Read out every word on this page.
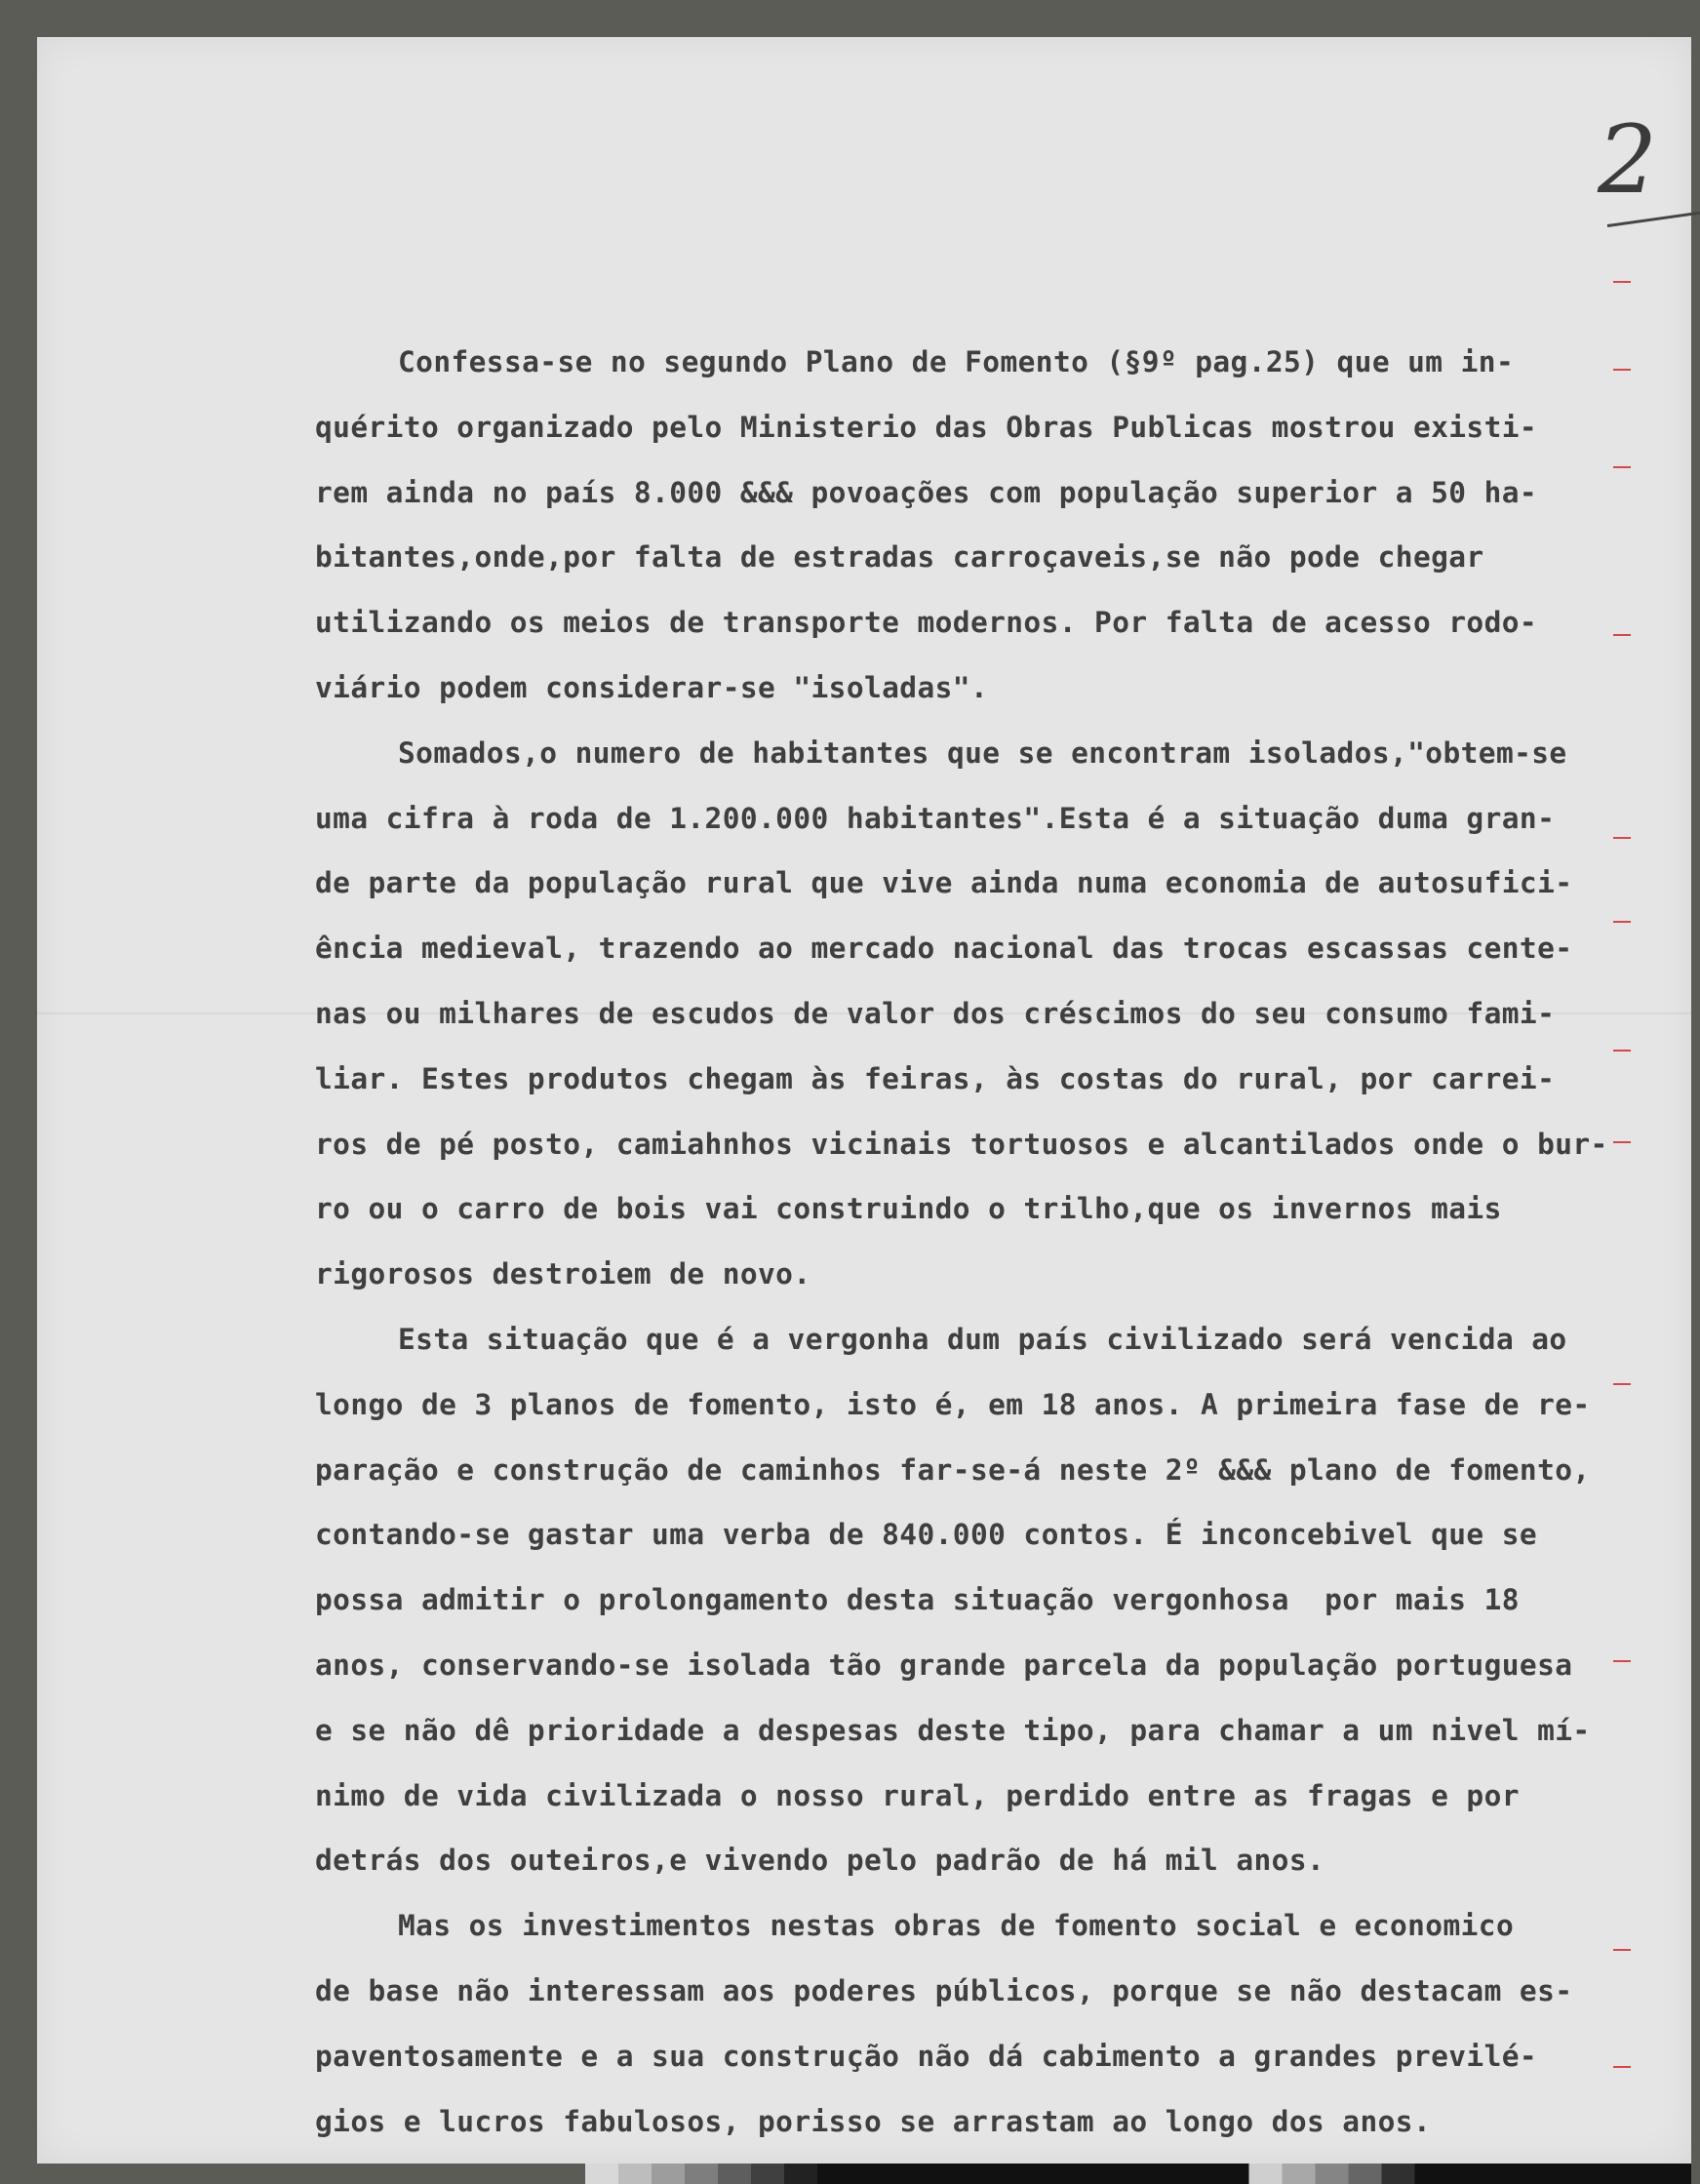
2
Confessa-se no segundo Plano de Fomento (§9º pag.25) que um in-
quérito organizado pelo Ministerio das Obras Publicas mostrou existi-
rem ainda no país 8.000 &&& povoações com população superior a 50 ha-
bitantes,onde,por falta de estradas carroçaveis,se não pode chegar
utilizando os meios de transporte modernos. Por falta de acesso rodo-
viário podem considerar-se "isoladas".
Somados,o numero de habitantes que se encontram isolados,"obtem-se
uma cifra à roda de 1.200.000 habitantes".Esta é a situação duma gran-
de parte da população rural que vive ainda numa economia de autosufici-
ência medieval, trazendo ao mercado nacional das trocas escassas cente-
nas ou milhares de escudos de valor dos créscimos do seu consumo fami-
liar. Estes produtos chegam às feiras, às costas do rural, por carrei-
ros de pé posto, camiahnhos vicinais tortuosos e alcantilados onde o bur-
ro ou o carro de bois vai construindo o trilho,que os invernos mais
rigorosos destroiem de novo.
Esta situação que é a vergonha dum país civilizado será vencida ao
longo de 3 planos de fomento, isto é, em 18 anos. A primeira fase de re-
paração e construção de caminhos far-se-á neste 2º &&& plano de fomento,
contando-se gastar uma verba de 840.000 contos. É inconcebivel que se
possa admitir o prolongamento desta situação vergonhosa  por mais 18
anos, conservando-se isolada tão grande parcela da população portuguesa
e se não dê prioridade a despesas deste tipo, para chamar a um nivel mí-
nimo de vida civilizada o nosso rural, perdido entre as fragas e por
detrás dos outeiros,e vivendo pelo padrão de há mil anos.
Mas os investimentos nestas obras de fomento social e economico
de base não interessam aos poderes públicos, porque se não destacam es-
paventosamente e a sua construção não dá cabimento a grandes previlé-
gios e lucros fabulosos, porisso se arrastam ao longo dos anos.
